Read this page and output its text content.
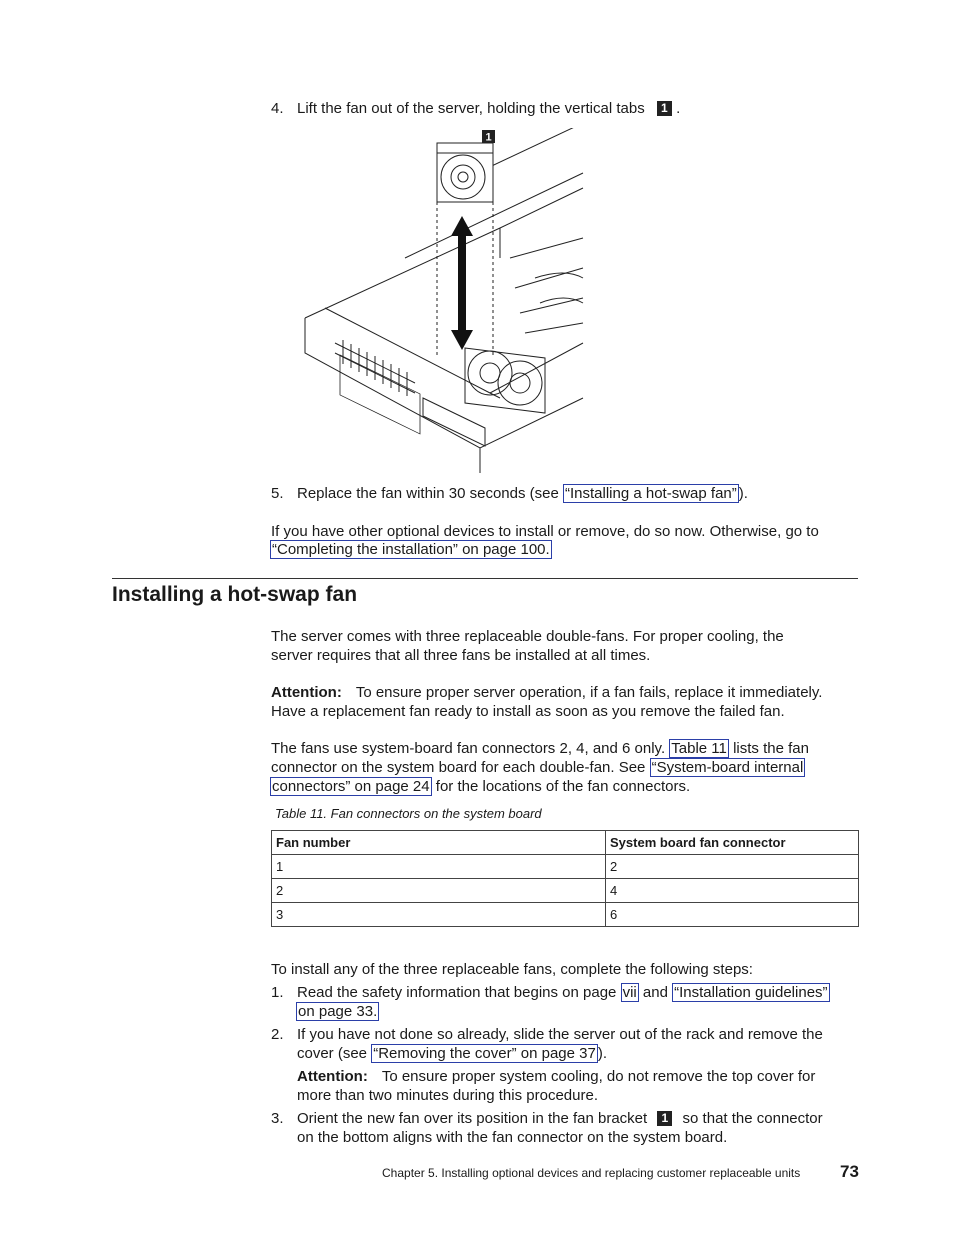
4. Lift the fan out of the server, holding the vertical tabs 1 .
1
5. Replace the fan within 30 seconds (see “Installing a hot-swap fan” ).
If you have other optional devices to install or remove, do so now. Otherwise, go to
“Completing the installation” on page 100.
Installing a hot-swap fan
The server comes with three replaceable double-fans. For proper cooling, the
server requires that all three fans be installed at all times.
Attention: To ensure proper server operation, if a fan fails, replace it immediately.
Have a replacement fan ready to install as soon as you remove the failed fan.
The fans use system-board fan connectors 2, 4, and 6 only. Table 11 lists the fan
connector on the system board for each double-fan. See “System-board internal
connectors” on page 24 for the locations of the fan connectors.
Table 11. Fan connectors on the system board
Fan number	System board fan connector
1	2
2	4
3	6
To install any of the three replaceable fans, complete the following steps:
1. Read the safety information that begins on page vii and “Installation guidelines”
on page 33.
2. If you have not done so already, slide the server out of the rack and remove the
cover (see “Removing the cover” on page 37 ).
Attention: To ensure proper system cooling, do not remove the top cover for
more than two minutes during this procedure.
3. Orient the new fan over its position in the fan bracket 1 so that the connector
on the bottom aligns with the fan connector on the system board.
Chapter 5. Installing optional devices and replacing customer replaceable units 73
